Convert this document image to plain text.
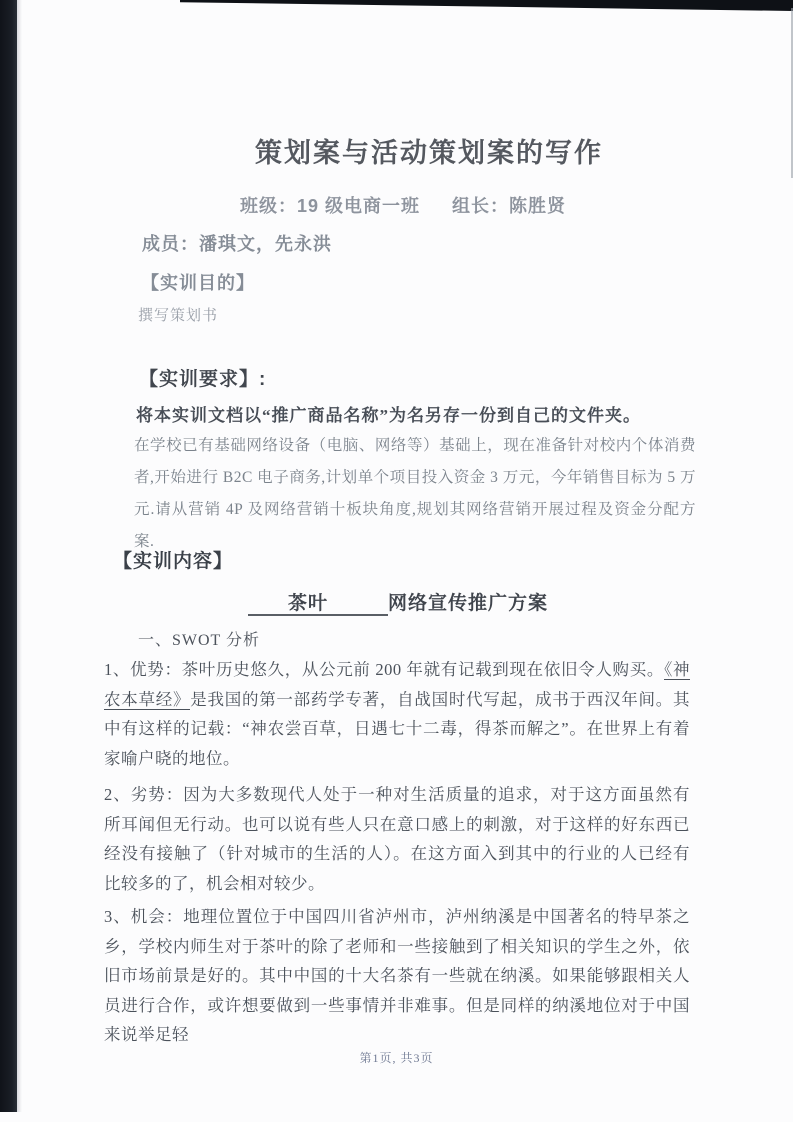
策划案与活动策划案的写作
班级：19 级电商一班 组长：陈胜贤
成员：潘琪文，先永洪
【实训目的】
撰写策划书
【实训要求】:
将本实训文档以“推广商品名称”为名另存一份到自己的文件夹。
在学校已有基础网络设备（电脑、网络等）基础上，现在准备针对校内个体消费者,开始进行 B2C 电子商务,计划单个项目投入资金 3 万元，今年销售目标为 5 万元.请从营销 4P 及网络营销十板块角度,规划其网络营销开展过程及资金分配方案.
【实训内容】
　　茶叶　　　网络宣传推广方案
一、SWOT 分析
1、优势：茶叶历史悠久，从公元前 200 年就有记载到现在依旧令人购买。《神农本草经》是我国的第一部药学专著，自战国时代写起，成书于西汉年间。其中有这样的记载：“神农尝百草，日遇七十二毒，得茶而解之”。在世界上有着家喻户晓的地位。
2、劣势：因为大多数现代人处于一种对生活质量的追求，对于这方面虽然有所耳闻但无行动。也可以说有些人只在意口感上的刺激，对于这样的好东西已经没有接触了（针对城市的生活的人）。在这方面入到其中的行业的人已经有比较多的了，机会相对较少。
3、机会：地理位置位于中国四川省泸州市，泸州纳溪是中国著名的特早茶之乡，学校内师生对于茶叶的除了老师和一些接触到了相关知识的学生之外，依旧市场前景是好的。其中中国的十大名茶有一些就在纳溪。如果能够跟相关人员进行合作，或许想要做到一些事情并非难事。但是同样的纳溪地位对于中国来说举足轻
第1页, 共3页
